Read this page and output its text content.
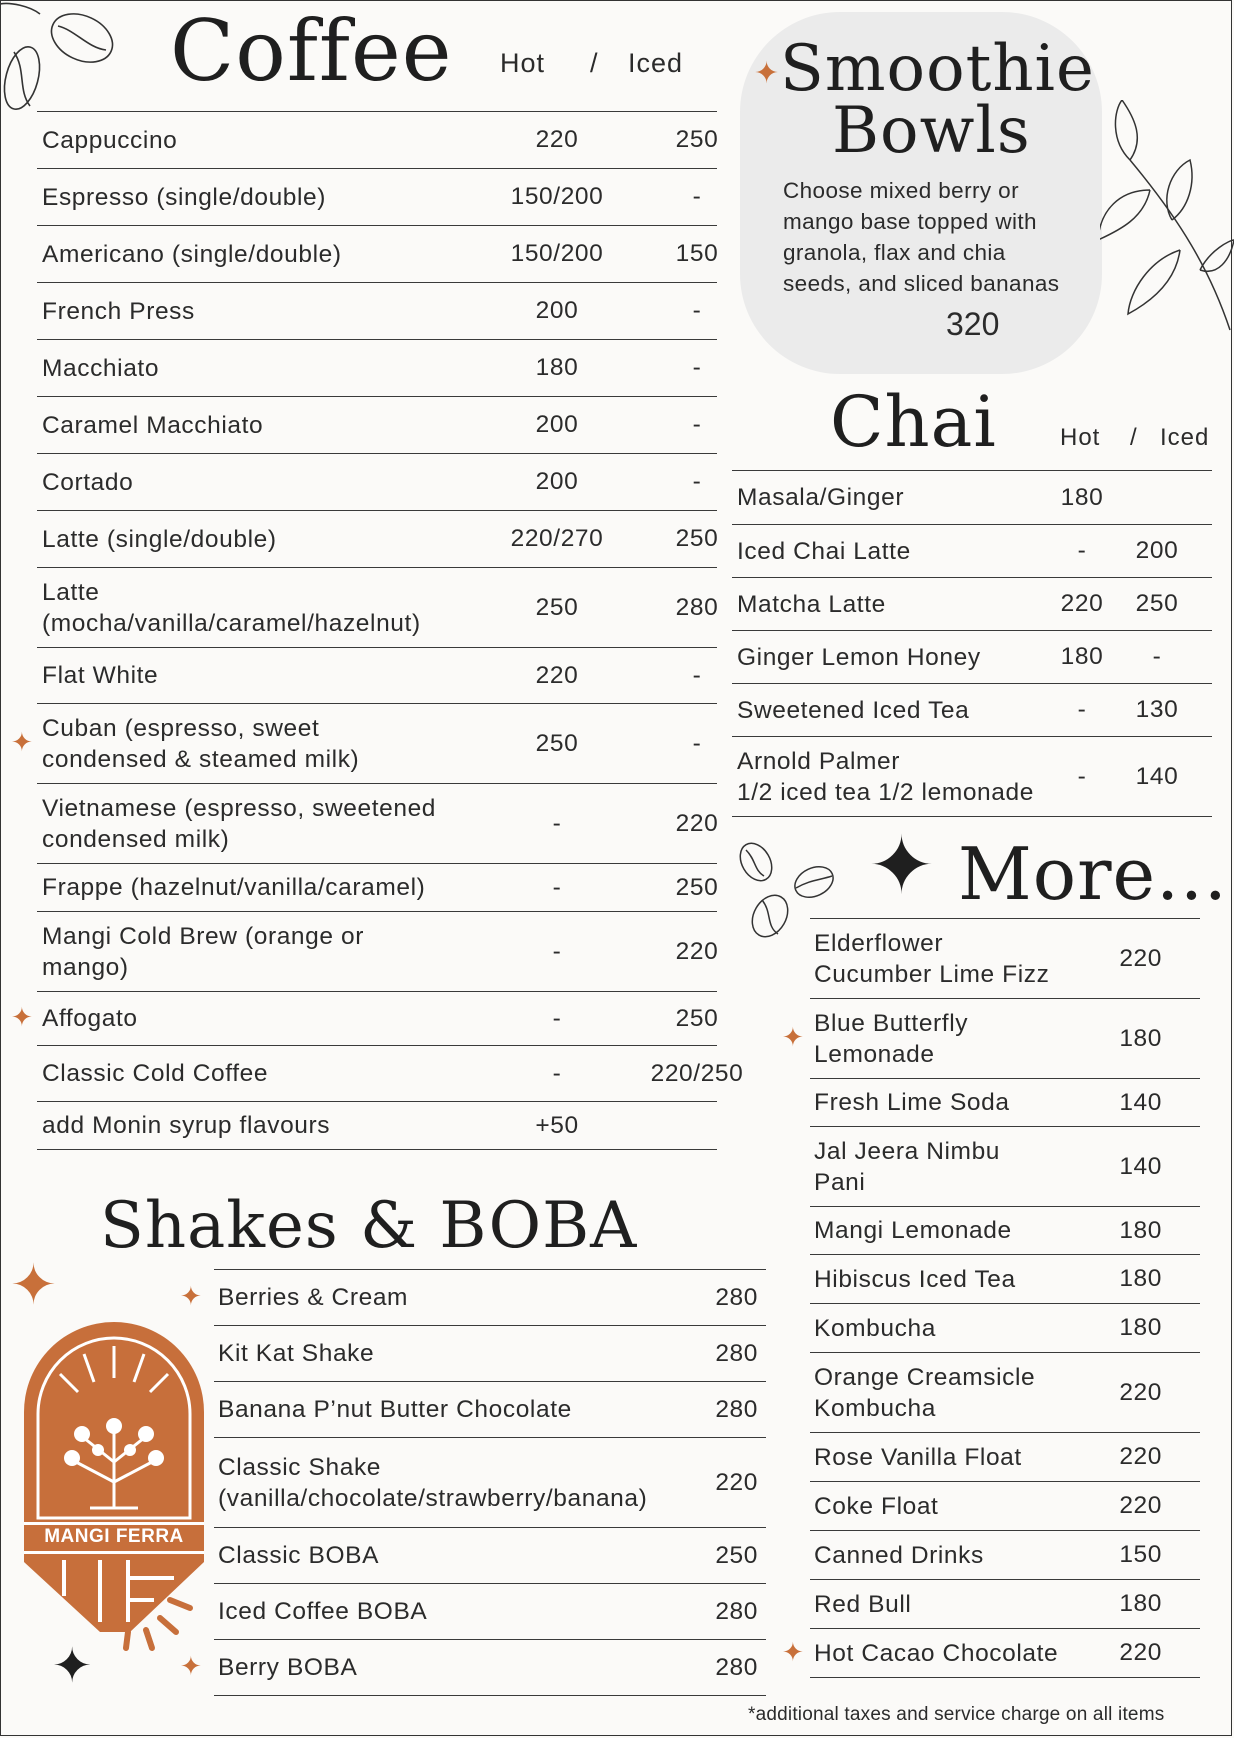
Coffee Hot / Iced
Cappuccino	220	250
Espresso (single/double)	150/200	-
Americano (single/double)	150/200	150
French Press	200	-
Macchiato	180	-
Caramel Macchiato	200	-
Cortado	200	-
Latte (single/double)	220/270	250
Latte
(mocha/vanilla/caramel/hazelnut)
250	280
Flat White	220	-
Cuban (espresso, sweet
condensed & steamed milk)
250	-
Vietnamese (espresso, sweetened
condensed milk)
-	220
Frappe (hazelnut/vanilla/caramel)	-	250
Mangi Cold Brew (orange or
mango)
-	220
Affogato	-	250
Classic Cold Coffee	-	220/250
add Monin syrup flavours	+50
✦ Smoothie
Bowls
Choose mixed berry or mango base topped with granola, flax and chia seeds, and sliced bananas
320
Chai	Hot / Iced
Masala/Ginger	180
Iced Chai Latte	-	200
Matcha Latte	220	250
Ginger Lemon Honey	180	-
Sweetened Iced Tea	-	130
Arnold Palmer
1/2 iced tea 1/2 lemonade
-	140
✦ More...
Elderflower
Cucumber Lime Fizz
220
Blue Butterfly
Lemonade
180
Fresh Lime Soda	140
Jal Jeera Nimbu
Pani
140
Mangi Lemonade	180
Hibiscus Iced Tea	180
Kombucha	180
Orange Creamsicle
Kombucha
220
Rose Vanilla Float	220
Coke Float	220
Canned Drinks	150
Red Bull	180
Hot Cacao Chocolate 220
Shakes & BOBA
✦	Berries & Cream	280
Kit Kat Shake	280
Banana P’nut Butter Chocolate	280
Classic Shake
(vanilla/chocolate/strawberry/banana)
220
Classic BOBA	250
Iced Coffee BOBA	280
Berry BOBA	280
MANGI FERRA
✦
*additional taxes and service charge on all items
✦
✦
✦
✦
✦
✦
